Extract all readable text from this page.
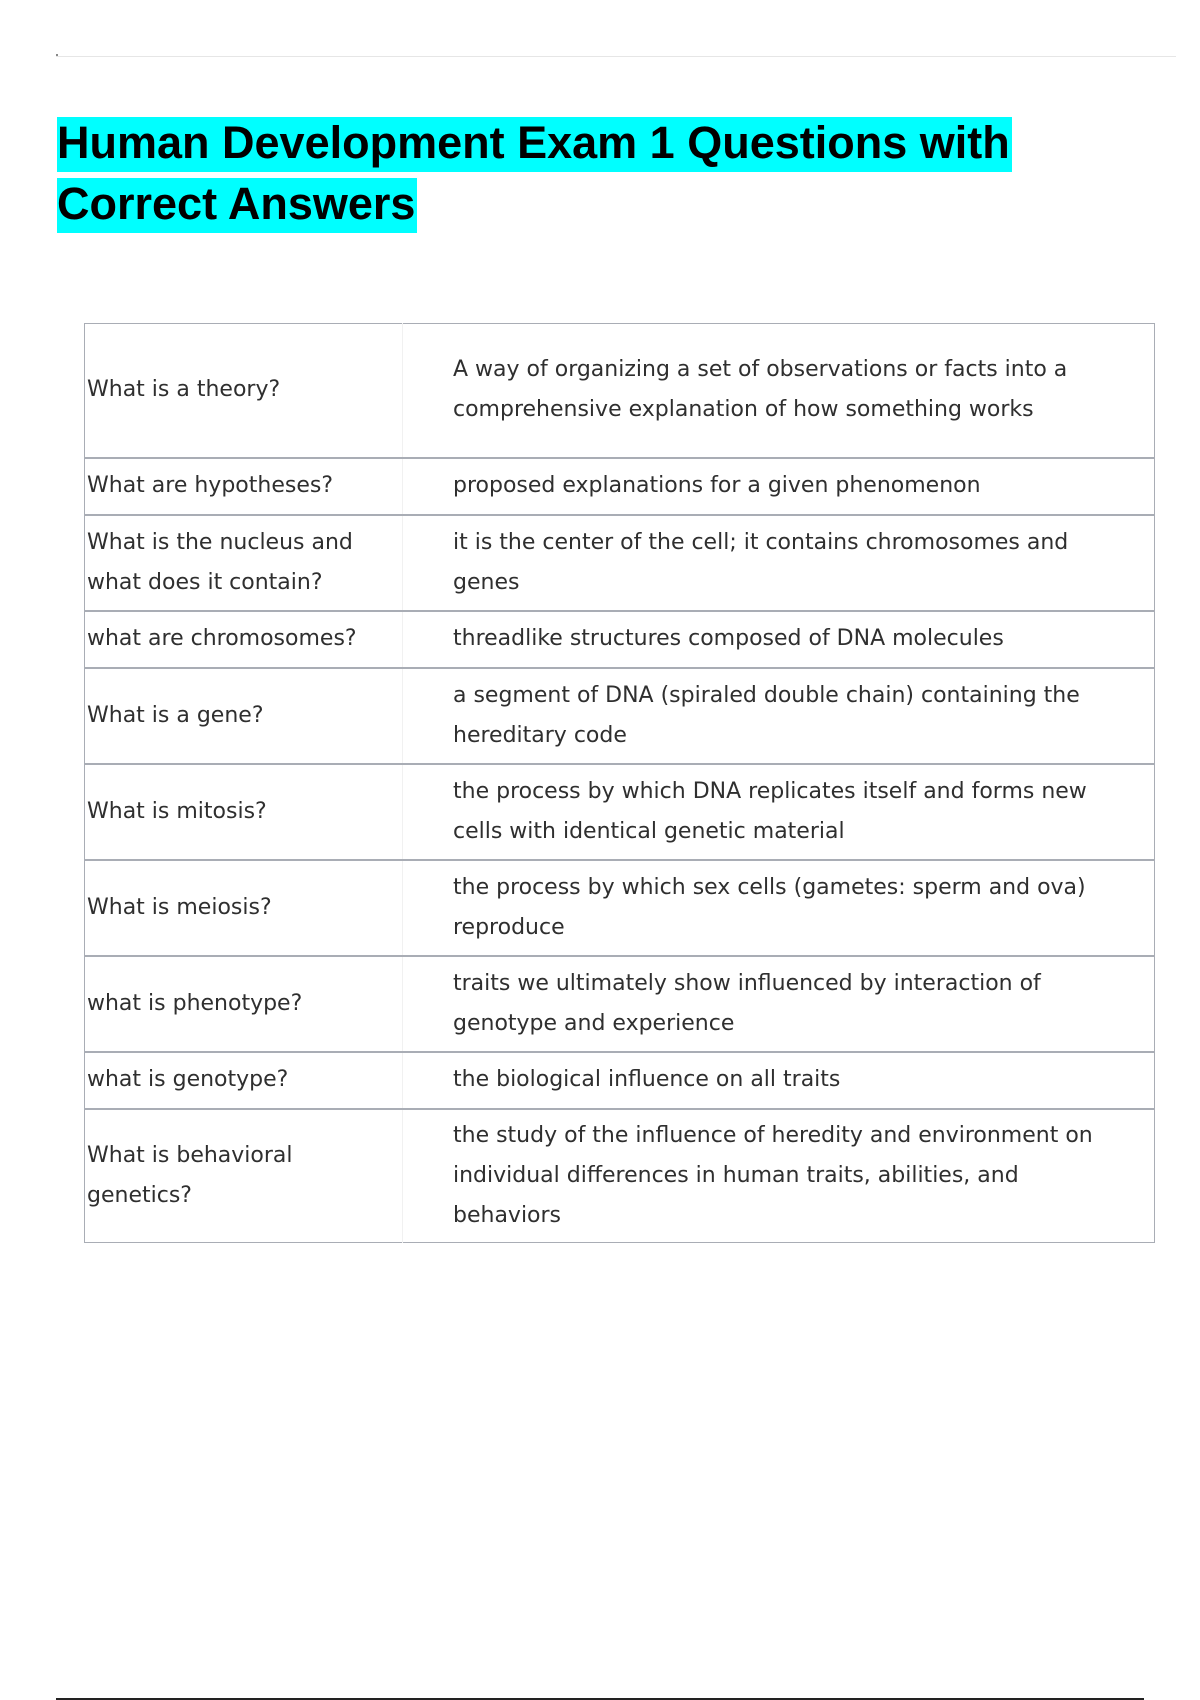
Human Development Exam 1 Questions with Correct Answers
What is a theory?	A way of organizing a set of observations or facts into a comprehensive explanation of how something works
What are hypotheses?	proposed explanations for a given phenomenon
What is the nucleus and what does it contain?	it is the center of the cell; it contains chromosomes and genes
what are chromosomes?	threadlike structures composed of DNA molecules
What is a gene?	a segment of DNA (spiraled double chain) containing the hereditary code
What is mitosis?	the process by which DNA replicates itself and forms new cells with identical genetic material
What is meiosis?	the process by which sex cells (gametes: sperm and ova) reproduce
what is phenotype?	traits we ultimately show influenced by interaction of genotype and experience
what is genotype?	the biological influence on all traits
What is behavioral genetics?	the study of the influence of heredity and environment on individual differences in human traits, abilities, and behaviors
